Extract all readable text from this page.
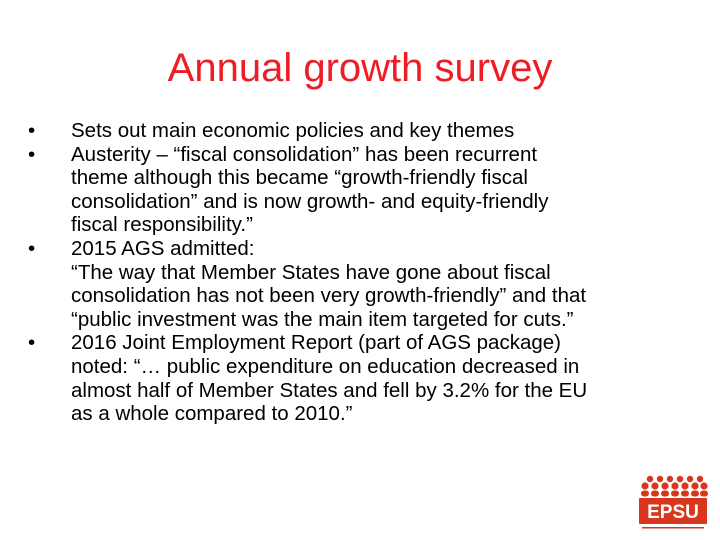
Annual growth survey
•	Sets out main economic policies and key themes
•	Austerity – “fiscal consolidation” has been recurrent
theme although this became “growth-friendly fiscal
consolidation” and is now growth- and equity-friendly
fiscal responsibility.”
•	2015 AGS admitted:
“The way that Member States have gone about fiscal
consolidation has not been very growth-friendly” and that
“public investment was the main item targeted for cuts.”
•	2016 Joint Employment Report (part of AGS package)
noted: “… public expenditure on education decreased in
almost half of Member States and fell by 3.2% for the EU
as a whole compared to 2010.”
EPSU
